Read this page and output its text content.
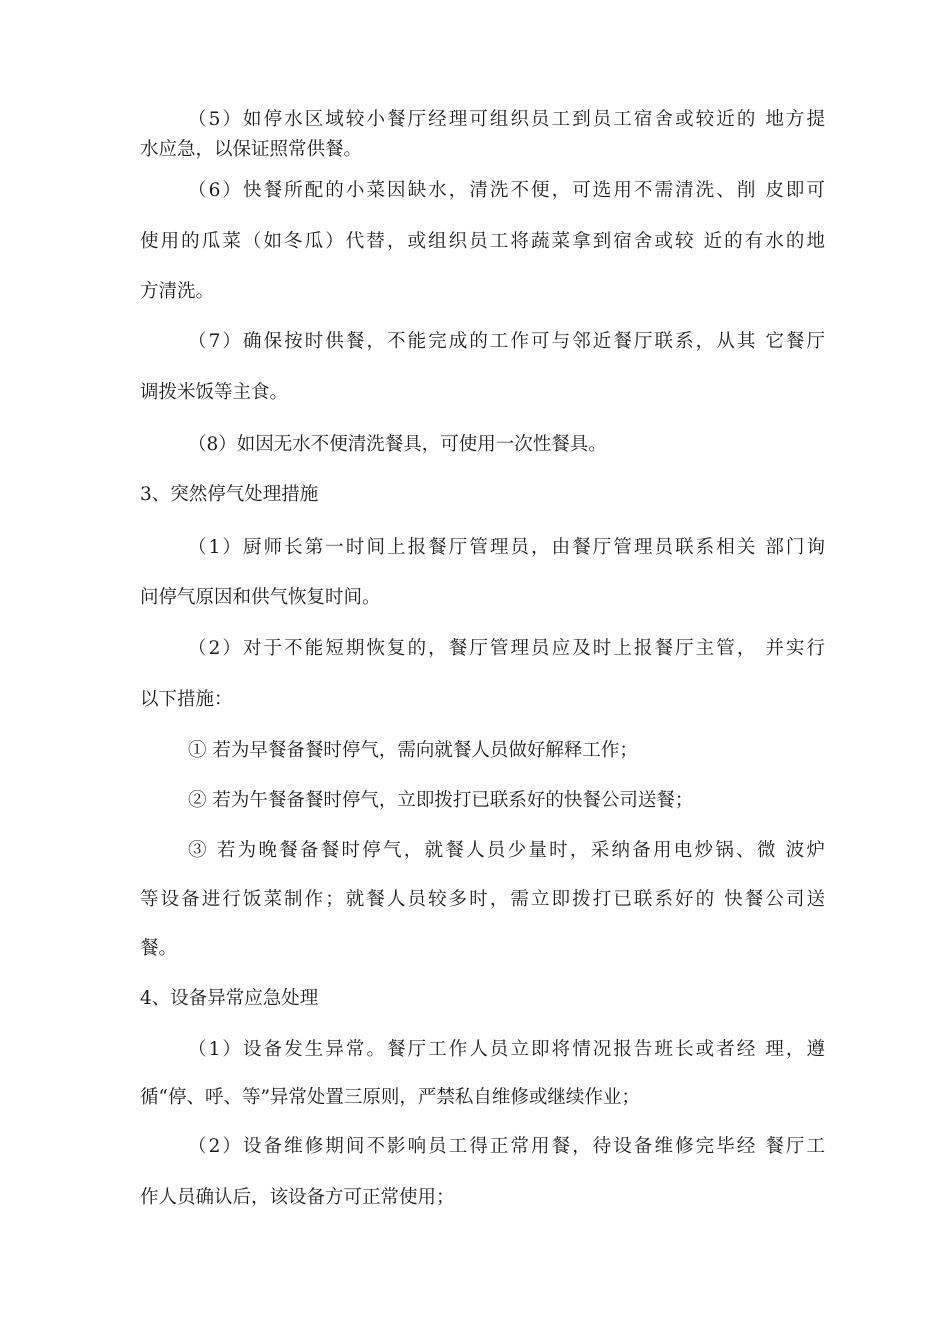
（5）如停水区域较小餐厅经理可组织员工到员工宿舍或较近的 地方提
水应急，以保证照常供餐。
（6）快餐所配的小菜因缺水，清洗不便，可选用不需清洗、削 皮即可
使用的瓜菜（如冬瓜）代替，或组织员工将蔬菜拿到宿舍或较 近的有水的地
方清洗。
（7）确保按时供餐，不能完成的工作可与邻近餐厅联系，从其 它餐厅
调拨米饭等主食。
（8）如因无水不便清洗餐具，可使用一次性餐具。
3、突然停气处理措施
（1）厨师长第一时间上报餐厅管理员，由餐厅管理员联系相关 部门询
问停气原因和供气恢复时间。
（2）对于不能短期恢复的，餐厅管理员应及时上报餐厅主管， 并实行
以下措施：
① 若为早餐备餐时停气，需向就餐人员做好解释工作；
② 若为午餐备餐时停气，立即拨打已联系好的快餐公司送餐；
③ 若为晚餐备餐时停气，就餐人员少量时，采纳备用电炒锅、微 波炉
等设备进行饭菜制作；就餐人员较多时，需立即拨打已联系好的 快餐公司送
餐。
4、设备异常应急处理
（1）设备发生异常。餐厅工作人员立即将情况报告班长或者经 理，遵
循“停、呼、等”异常处置三原则，严禁私自维修或继续作业；
（2）设备维修期间不影响员工得正常用餐，待设备维修完毕经 餐厅工
作人员确认后，该设备方可正常使用；
